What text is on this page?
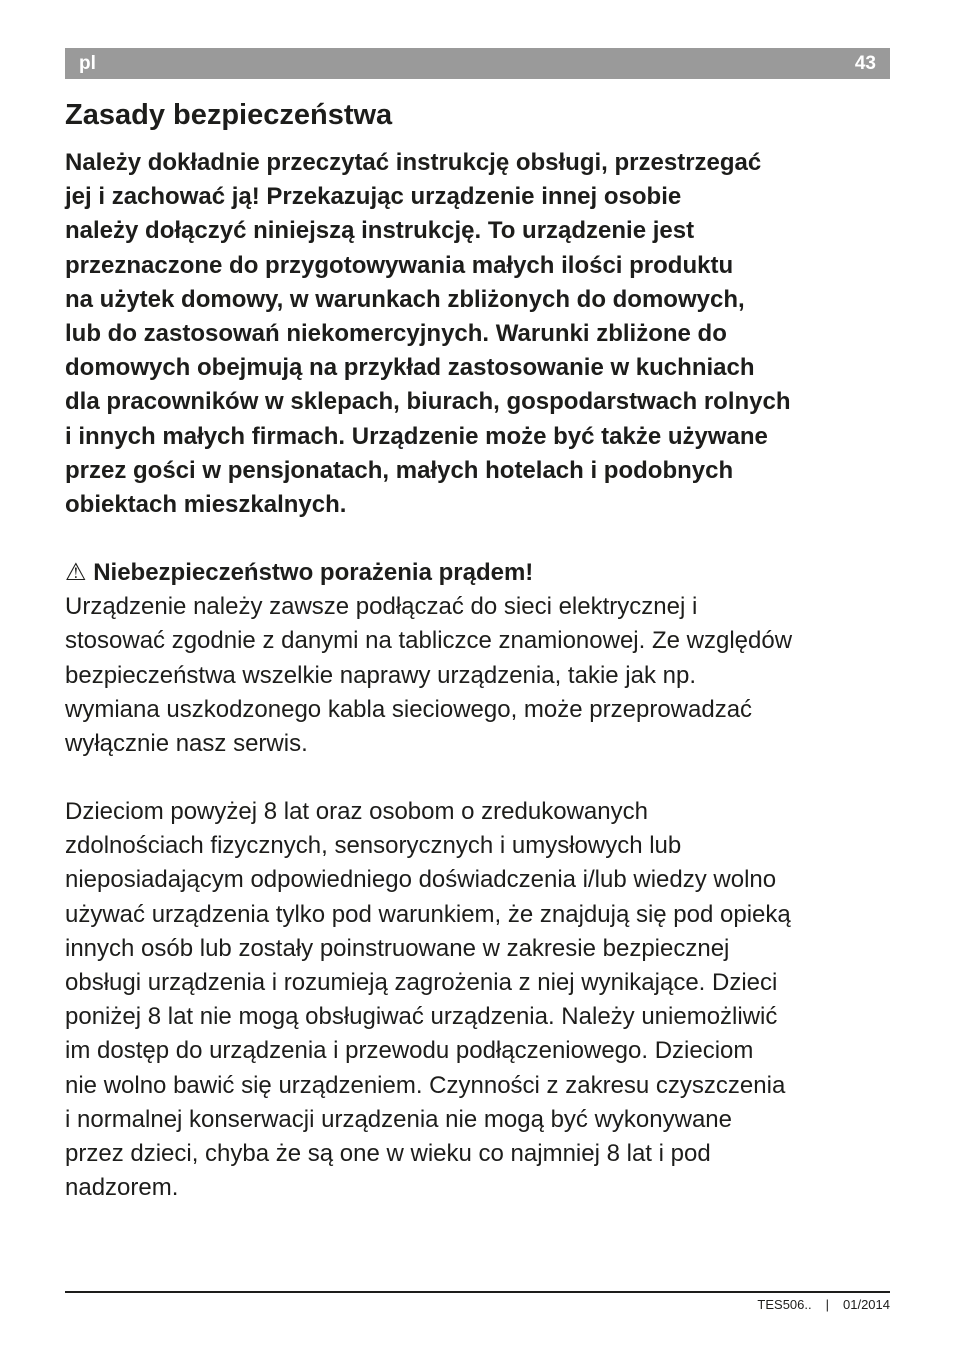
pl	43
Zasady bezpieczeństwa

Należy dokładnie przeczytać instrukcję obsługi, przestrzegać
jej i zachować ją! Przekazując urządzenie innej osobie
należy dołączyć niniejszą instrukcję. To urządzenie jest
przeznaczone do przygotowywania małych ilości produktu
na użytek domowy, w warunkach zbliżonych do domowych,
lub do zastosowań niekomercyjnych. Warunki zbliżone do
domowych obejmują na przykład zastosowanie w kuchniach
dla pracowników w sklepach, biurach, gospodarstwach rolnych
i innych małych firmach. Urządzenie może być także używane
przez gości w pensjonatach, małych hotelach i podobnych
obiektach mieszkalnych.

⚠ Niebezpieczeństwo porażenia prądem!
Urządzenie należy zawsze podłączać do sieci elektrycznej i
stosować zgodnie z danymi na tabliczce znamionowej. Ze względów
bezpieczeństwa wszelkie naprawy urządzenia, takie jak np.
wymiana uszkodzonego kabla sieciowego, może przeprowadzać
wyłącznie nasz serwis.

Dzieciom powyżej 8 lat oraz osobom o zredukowanych
zdolnościach fizycznych, sensorycznych i umysłowych lub
nieposiadającym odpowiedniego doświadczenia i/lub wiedzy wolno
używać urządzenia tylko pod warunkiem, że znajdują się pod opieką
innych osób lub zostały poinstruowane w zakresie bezpiecznej
obsługi urządzenia i rozumieją zagrożenia z niej wynikające. Dzieci
poniżej 8 lat nie mogą obsługiwać urządzenia. Należy uniemożliwić
im dostęp do urządzenia i przewodu podłączeniowego. Dzieciom
nie wolno bawić się urządzeniem. Czynności z zakresu czyszczenia
i normalnej konserwacji urządzenia nie mogą być wykonywane
przez dzieci, chyba że są one w wieku co najmniej 8 lat i pod
nadzorem.

TES506.. | 01/2014
